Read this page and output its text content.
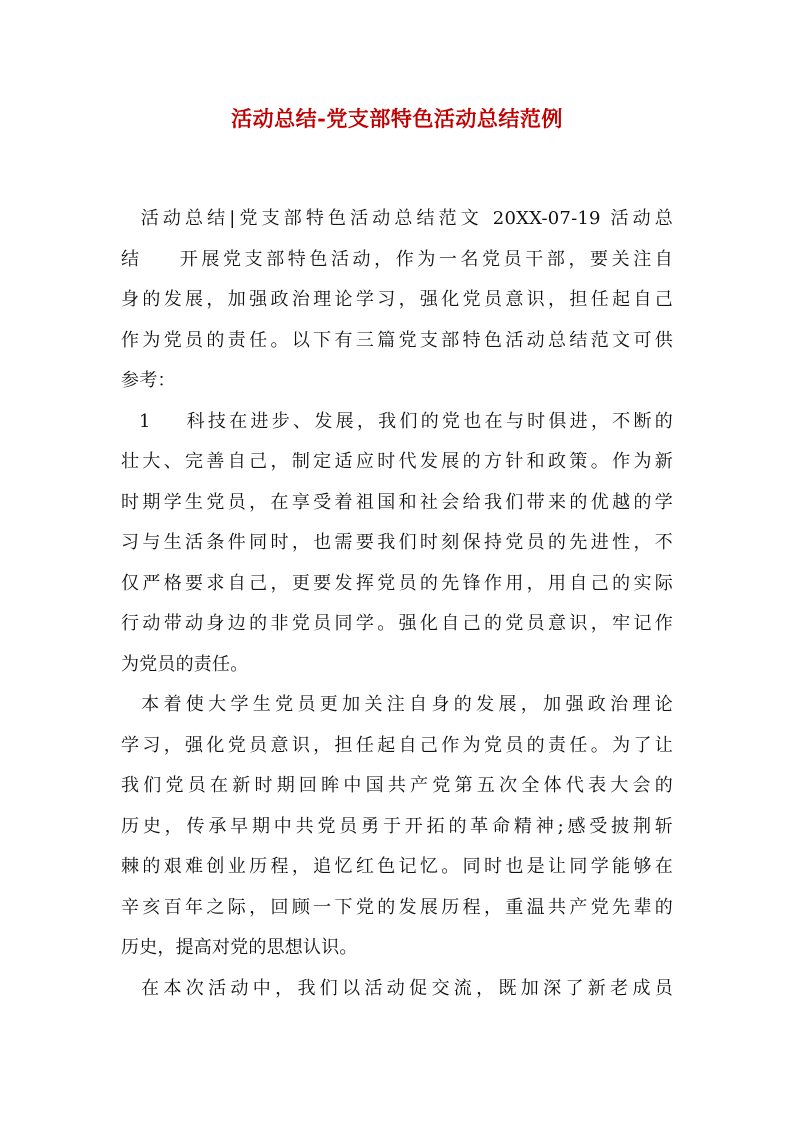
活动总结-党支部特色活动总结范例
活动总结|党支部特色活动总结范文 20XX-07-19 活动总
结    开展党支部特色活动，作为一名党员干部，要关注自
身的发展，加强政治理论学习，强化党员意识，担任起自己
作为党员的责任。以下有三篇党支部特色活动总结范文可供
参考：
1    科技在进步、发展，我们的党也在与时俱进，不断的
壮大、完善自己，制定适应时代发展的方针和政策。作为新
时期学生党员，在享受着祖国和社会给我们带来的优越的学
习与生活条件同时，也需要我们时刻保持党员的先进性，不
仅严格要求自己，更要发挥党员的先锋作用，用自己的实际
行动带动身边的非党员同学。强化自己的党员意识，牢记作
为党员的责任。
本着使大学生党员更加关注自身的发展，加强政治理论
学习，强化党员意识，担任起自己作为党员的责任。为了让
我们党员在新时期回眸中国共产党第五次全体代表大会的
历史，传承早期中共党员勇于开拓的革命精神;感受披荆斩
棘的艰难创业历程，追忆红色记忆。同时也是让同学能够在
辛亥百年之际，回顾一下党的发展历程，重温共产党先辈的
历史，提高对党的思想认识。
在本次活动中，我们以活动促交流，既加深了新老成员
